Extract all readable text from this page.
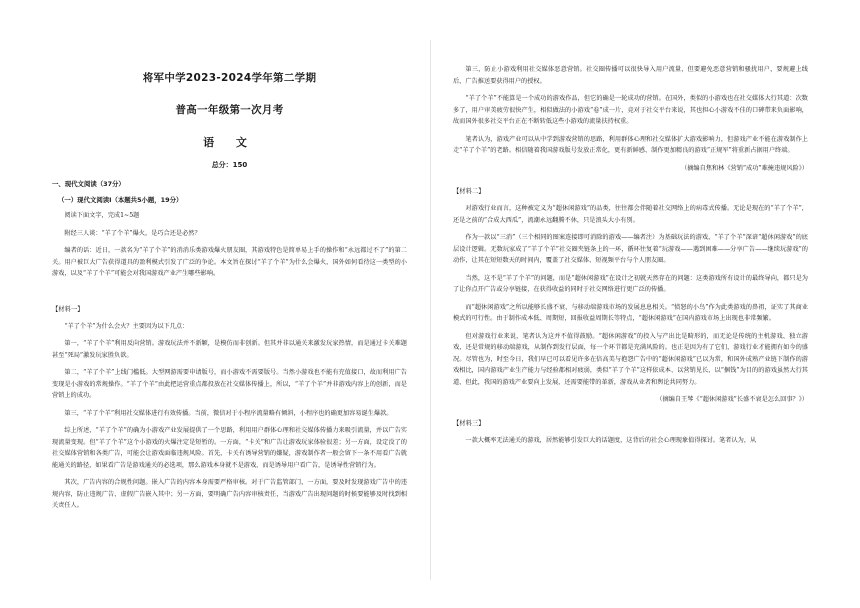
将军中学2023-2024学年第二学期
普高一年级第一次月考
语 文
总分：150
一、现代文阅读（37分）
（一）现代文阅读Ⅰ（本题共5小题，19分）

阅读下面文字，完成1~5题

附经三人谈：“羊了个羊”爆火，是巧合还是必然？

编者的话：近日，一款名为“羊了个羊”的消消乐类游戏爆火朋友圈，其游戏特色是简单易上手的操作和“永远都过不了”的第二关。用户被巨大广告获得道具的盈利模式引发了广泛的争论。本文旨在探讨“羊了个羊”为什么会爆火，国外如何看待这一类型的小游戏，以及“羊了个羊”可能会对我国游戏产业产生哪些影响。

【材料一】

“羊了个羊”为什么会火？主要因为以下几点：

第一，“羊了个羊”利用反向营销。游戏玩法并不新颖，是模仿而非创新。但其并非以通关来激发玩家热情，而是通过卡关难题甚至“死局”激发玩家胜负欲。

第二，“羊了个羊”上线门槛低。大型网游需要申请版号，而小游戏不需要版号。当然小游戏也不能有充值接口，故而利用广告变现是小游戏的常规操作。“羊了个羊”由此把运营重点都投放在社交媒体传播上，所以，“羊了个羊”并非游戏内容上的创新，而是营销上的成功。

第三，“羊了个羊”利用社交媒体进行有效传播。当前，微信对于小程序流量略有倾斜，小程序也的确更加容易诞生爆款。

综上所述，“羊了个羊”的确为小游戏产业发展提供了一个思路，利用用户群体心理和社交媒体传播力来吸引流量，并以广告实现流量变现。但“羊了个羊”这个小游戏的火爆注定是短暂的。一方面，“卡关”和广告让游戏玩家体验很差；另一方面，设定没了的社交媒体营销和各类广告，可能会让游戏面临违规风险。首先，卡关有诱导营销的嫌疑，游戏制作者一般会留下一条不用看广告就能通关的路径，如果看广告是游戏通关的必选项，那么游戏本身就不是游戏，而是诱导用户看广告，是诱导性营销行为。

其次，广告内容的合规性问题。嵌入广告的内容本身需要严格审核。对于广告监管部门，一方面，要及时发现游戏广告中的违规内容，防止违规广告、虚假广告嵌入其中；另一方面，要明确广告内容审核责任，当游戏广告出现问题的时候要能够及时找到相关责任人。

第三，防止小游戏利用社交媒体恶意营销。社交圈传播可以很快导入用户流量，但要避免恶意营销和骚扰用户，要规避上线后，广告推送要获得用户的授权。

“羊了个羊”不能算是一个成功的游戏作品，但它的确是一轮成功的营销。在国外，类似的小游戏也在社交媒体大行其道：次数多了，用户审美疲劳很快产生，相似做法的小游戏“卷”成一片，竞对于社交平台来说，其也担心小游戏不佳的口碑带来负面影响，故而国外很多社交平台正在不断转低这些小游戏的流量扶持权重。

笔者认为，游戏产业可以从中学到游戏营销的思路，利用群体心理和社交媒体扩大游戏影响力，但游戏产业不能在游戏制作上走“羊了个羊”的老路。相信随着我国游戏版号发放正常化，更有新鲜感、制作更加精良的游戏“正规军”将重新占据用户终端。

（摘编自焦和林《营销“成功”难掩违规风险》）

【材料二】

对游戏行业而言，这种被定义为“超休闲游戏”的品类，往往都会伴随着社交网络上的病毒式传播。无论是现在的“羊了个羊”，还是之前的“合成大西瓜”，流潮永远翻腾不休，只是浪头大小有别。

作为一款以“三消”（三个相同的图案连接即可消除的游戏——编者注）为基础玩法的游戏，“羊了个羊”深谙“超休闲游戏”的底层设计逻辑。无数玩家成了“羊了个羊”社交圈夹链条上的一环，循环往复着“玩游戏——遇到困难——分享广告——继续玩游戏”的动作，让其在短短数天的时间内，覆盖了社交媒体、短视频平台与个人朋友圈。

当然，这不是“羊了个羊”的问题，而是“超休闲游戏”在设计之初就天然存在的问题：这类游戏所有设计的最终导向，都只是为了让你点开广告或分享链接，在获得收益的同时于社交网络进行更广泛的传播。

而“超休闲游戏”之所以能够长盛不衰，与移动端游戏市场的发展息息相关。“愤怒的小鸟”作为此类游戏的鼻祖，证实了其商业模式的可行性。由于制作成本低、周期短，回报收益周期长等特点，“超休闲游戏”在国内游戏市场上出现也非常频繁。

但对游戏行业来说，笔者认为这并不值得鼓励。“超休闲游戏”的投入与产出比是畸形的，而无论是传统的主机游戏、独立游戏，还是常规的移动端游戏，从制作到发行层面，每一个环节都是充满风险的。也正是因为有了它们，游戏行业才能拥有如今的盛况。尽管也为，时至今日，我们早已可以看见许多在倍高美与抱怨广告中的“超休闲游戏”已以为常，和国外成熟产业链下制作的游戏相比，国内游戏产业生产能力与经验都相对疲弱，类似“羊了个羊”这样依成本、以营销见长、以“捆钱”为目的的游戏虽然大行其道，但此，我国的游戏产业要向上发展，还需要能带的革新，游戏从业者和舆论共同努力。

（摘编自王棽《“超休闲游戏”长盛不衰是怎么回事？》）

【材料三】

一款大概率无法通关的游戏，居然能够引发巨大的话题度，这背后的社会心理现象值得探讨。笔者认为，从
